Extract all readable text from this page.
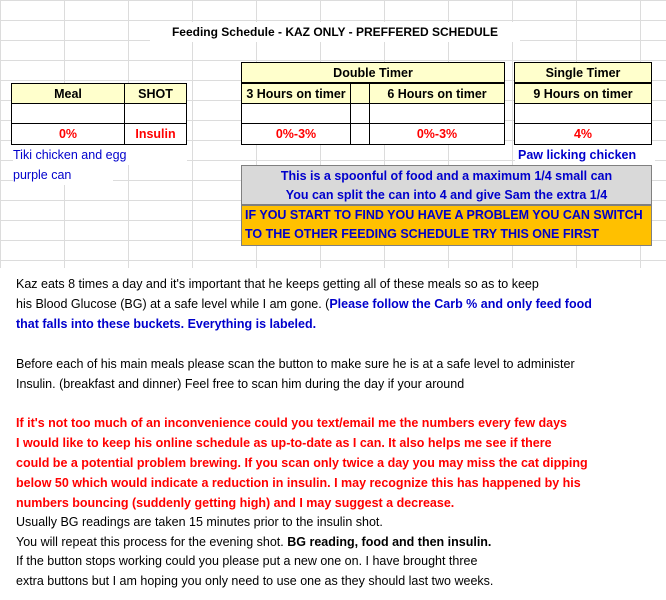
Feeding Schedule - KAZ ONLY - PREFFERED SCHEDULE
Double Timer	Single Timer
Meal	SHOT	3 Hours on timer	6 Hours on timer	9 Hours on timer
0%	Insulin	0%-3%	0%-3%	4%
Tiki chicken and egg
purple can
Paw licking chicken
This is a spoonful of food and a maximum 1/4 small can
You can split the can into 4 and give Sam the extra 1/4
IF YOU START TO FIND YOU HAVE A PROBLEM YOU CAN SWITCH
TO THE OTHER FEEDING SCHEDULE TRY THIS ONE FIRST
Kaz eats 8 times a day and it's important that he keeps getting all of these meals so as to keep
his Blood Glucose (BG) at a safe level while I am gone. (Please follow the Carb % and only feed food
that falls into these buckets. Everything is labeled.
Before each of his main meals please scan the button to make sure he is at a safe level to administer
Insulin. (breakfast and dinner) Feel free to scan him during the day if your around
If it's not too much of an inconvenience could you text/email me the numbers every few days
I would like to keep his online schedule as up-to-date as I can. It also helps me see if there
could be a potential problem brewing. If you scan only twice a day you may miss the cat dipping
below 50 which would indicate a reduction in insulin. I may recognize this has happened by his
numbers bouncing (suddenly getting high) and I may suggest a decrease.
Usually BG readings are taken 15 minutes prior to the insulin shot.
You will repeat this process for the evening shot. BG reading, food and then insulin.
If the button stops working could you please put a new one on. I have brought three
extra buttons but I am hoping you only need to use one as they should last two weeks.
